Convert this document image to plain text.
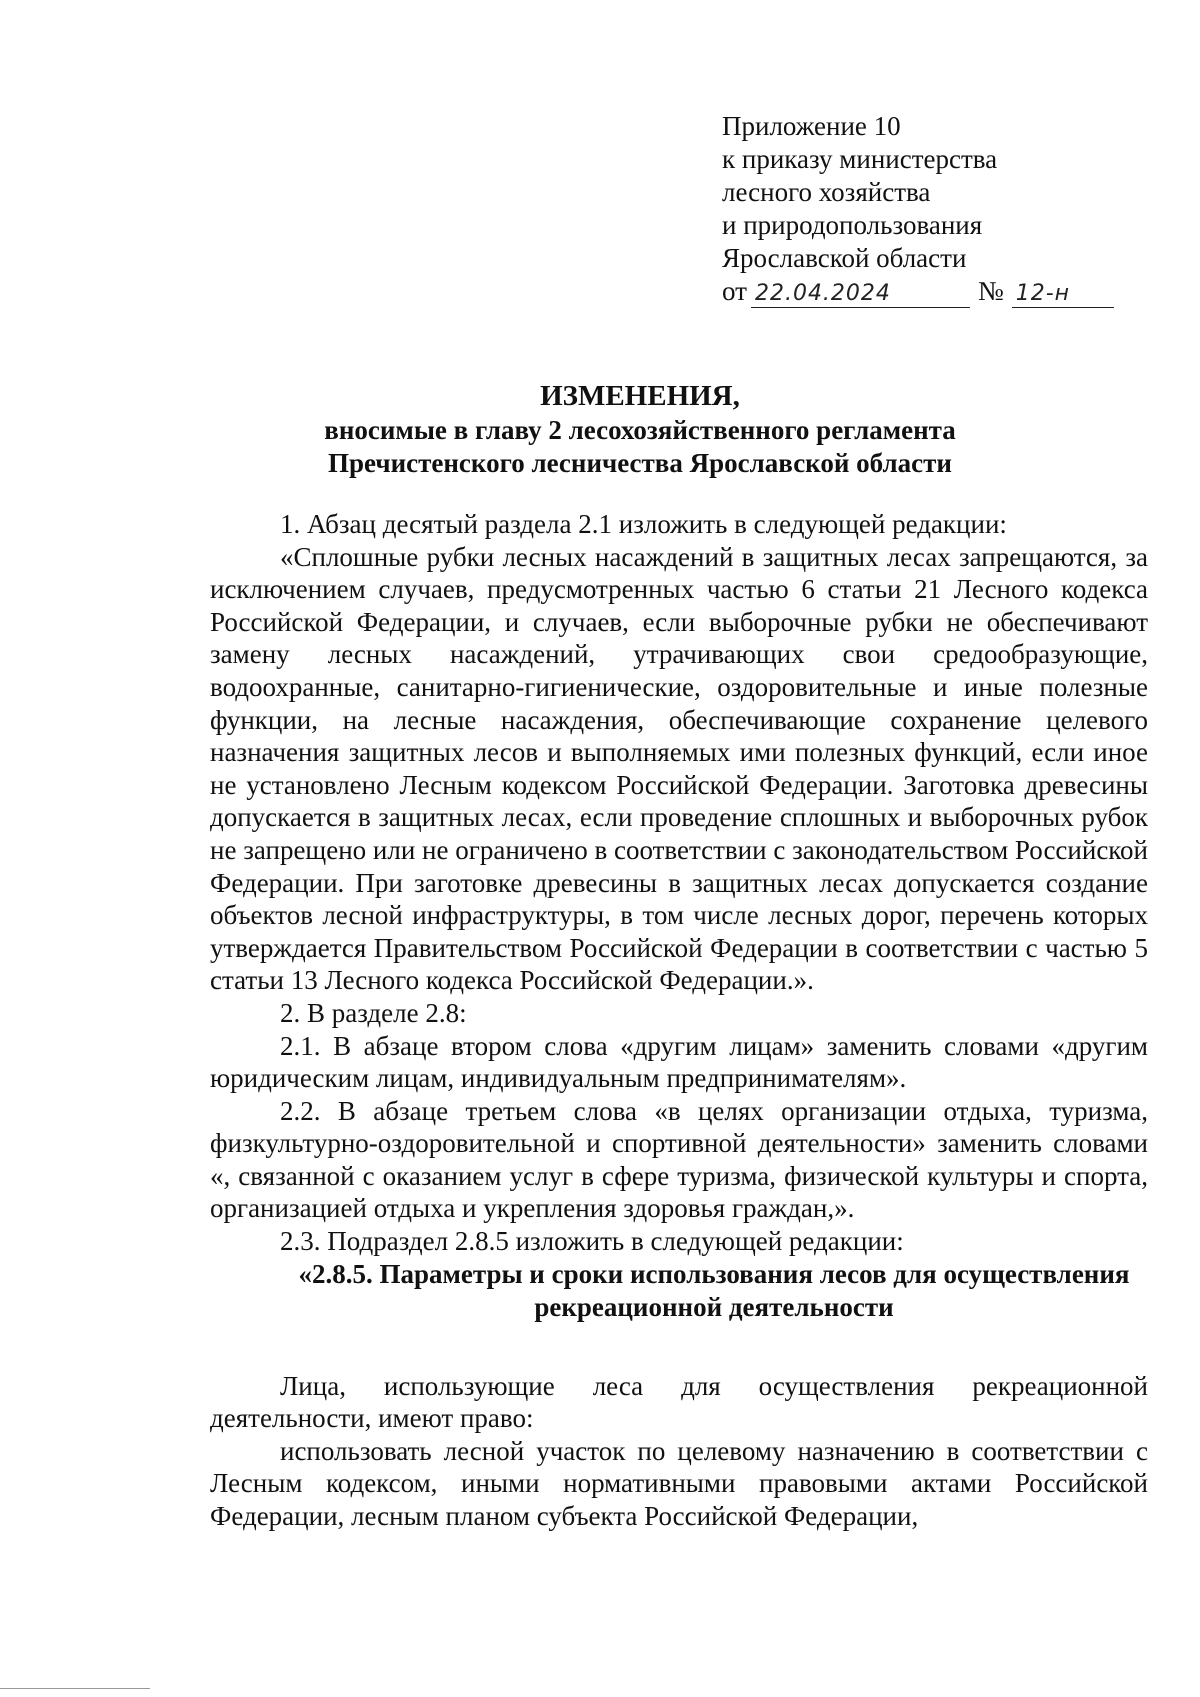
Приложение 10
к приказу министерства
лесного хозяйства
и природопользования
Ярославской области
от 22.04.2024	№ 12-н
ИЗМЕНЕНИЯ,
вносимые в главу 2 лесохозяйственного регламента
Пречистенского лесничества Ярославской области

1. Абзац десятый раздела 2.1 изложить в следующей редакции:

«Сплошные рубки лесных насаждений в защитных лесах запрещаются, за исключением случаев, предусмотренных частью 6 статьи 21 Лесного кодекса Российской Федерации, и случаев, если выборочные рубки не обеспечивают замену лесных насаждений, утрачивающих свои средообразующие, водоохранные, санитарно-гигиенические, оздоровительные и иные полезные функции, на лесные насаждения, обеспечивающие сохранение целевого назначения защитных лесов и выполняемых ими полезных функций, если иное не установлено Лесным кодексом Российской Федерации. Заготовка древесины допускается в защитных лесах, если проведение сплошных и выборочных рубок не запрещено или не ограничено в соответствии с законодательством Российской Федерации. При заготовке древесины в защитных лесах допускается создание объектов лесной инфраструктуры, в том числе лесных дорог, перечень которых утверждается Правительством Российской Федерации в соответствии с частью 5 статьи 13 Лесного кодекса Российской Федерации.».

2. В разделе 2.8:

2.1. В абзаце втором слова «другим лицам» заменить словами «другим юридическим лицам, индивидуальным предпринимателям».

2.2. В абзаце третьем слова «в целях организации отдыха, туризма, физкультурно-оздоровительной и спортивной деятельности» заменить словами «, связанной с оказанием услуг в сфере туризма, физической культуры и спорта, организацией отдыха и укрепления здоровья граждан,».

2.3. Подраздел 2.8.5 изложить в следующей редакции:

«2.8.5. Параметры и сроки использования лесов для осуществления
рекреационной деятельности

Лица, использующие леса для осуществления рекреационной деятельности, имеют право:

использовать лесной участок по целевому назначению в соответствии с Лесным кодексом, иными нормативными правовыми актами Российской Федерации, лесным планом субъекта Российской Федерации,
